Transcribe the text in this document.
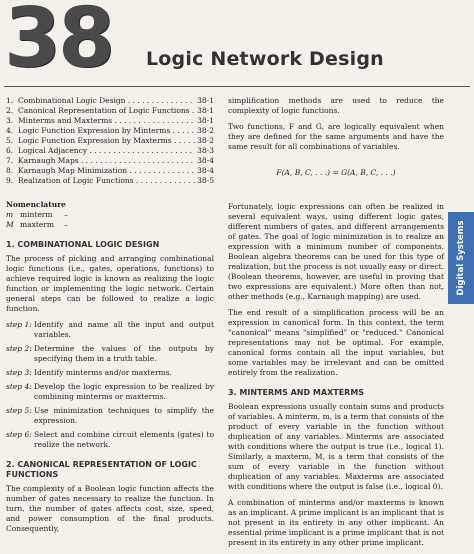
38 Logic Network Design
1. Combinational Logic Design . . .	38-1
2. Canonical Representation of Logic Functions . . .	38-1
3. Minterms and Maxterms . . .	38-1
4. Logic Function Expression by Minterms . . .	38-2
5. Logic Function Expression by Maxterms . . .	38-2
6. Logical Adjacency . . .	38-3
7. Karnaugh Maps . . .	38-4
8. Karnaugh Map Minimization . . .	38-4
9. Realization of Logic Functions . . .	38-5
Nomenclature
m minterm	–
M maxterm	–
1. COMBINATIONAL LOGIC DESIGN

The process of picking and arranging combinational logic functions (i.e., gates, operations, functions) to achieve required logic is known as realizing the logic function or implementing the logic network. Certain general steps can be followed to realize a logic function.

step 1: Identify and name all the input and output variables.
step 2: Determine the values of the outputs by specifying them in a truth table.
step 3: Identify minterms and/or maxterms.
step 4: Develop the logic expression to be realized by combining minterms or maxterms.
step 5: Use minimization techniques to simplify the expression.
step 6: Select and combine circuit elements (gates) to realize the network.
2. CANONICAL REPRESENTATION OF LOGIC FUNCTIONS

The complexity of a Boolean logic function affects the number of gates necessary to realize the function. In turn, the number of gates affects cost, size, speed, and power consumption of the final products. Consequently,

simplification methods are used to reduce the complexity of logic functions.

Two functions, F and G, are logically equivalent when they are defined for the same arguments and have the same result for all combinations of variables.

F(A, B, C, . . .) = G(A, B, C, . . .)

Fortunately, logic expressions can often be realized in several equivalent ways, using different logic gates, different numbers of gates, and different arrangements of gates. The goal of logic minimization is to realize an expression with a minimum number of components. Boolean algebra theorems can be used for this type of realization, but the process is not usually easy or direct. (Boolean theorems, however, are useful in proving that two expressions are equivalent.) More often than not, other methods (e.g., Karnaugh mapping) are used.

The end result of a simplification process will be an expression in canonical form. In this context, the term "canonical" means "simplified" or "reduced." Canonical representations may not be optimal. For example, canonical forms contain all the input variables, but some variables may be irrelevant and can be omitted entirely from the realization.

3. MINTERMS AND MAXTERMS

Boolean expressions usually contain sums and products of variables. A minterm, m, is a term that consists of the product of every variable in the function without duplication of any variables. Minterms are associated with conditions where the output is true (i.e., logical 1). Similarly, a maxterm, M, is a term that consists of the sum of every variable in the function without duplication of any variables. Maxterms are associated with conditions where the output is false (i.e., logical 0).

A combination of minterms and/or maxterms is known as an implicant. A prime implicant is an implicant that is not present in its entirety in any other implicant. An essential prime implicant is a prime implicant that is not present in its entirety in any other prime implicant.

Digital Systems
